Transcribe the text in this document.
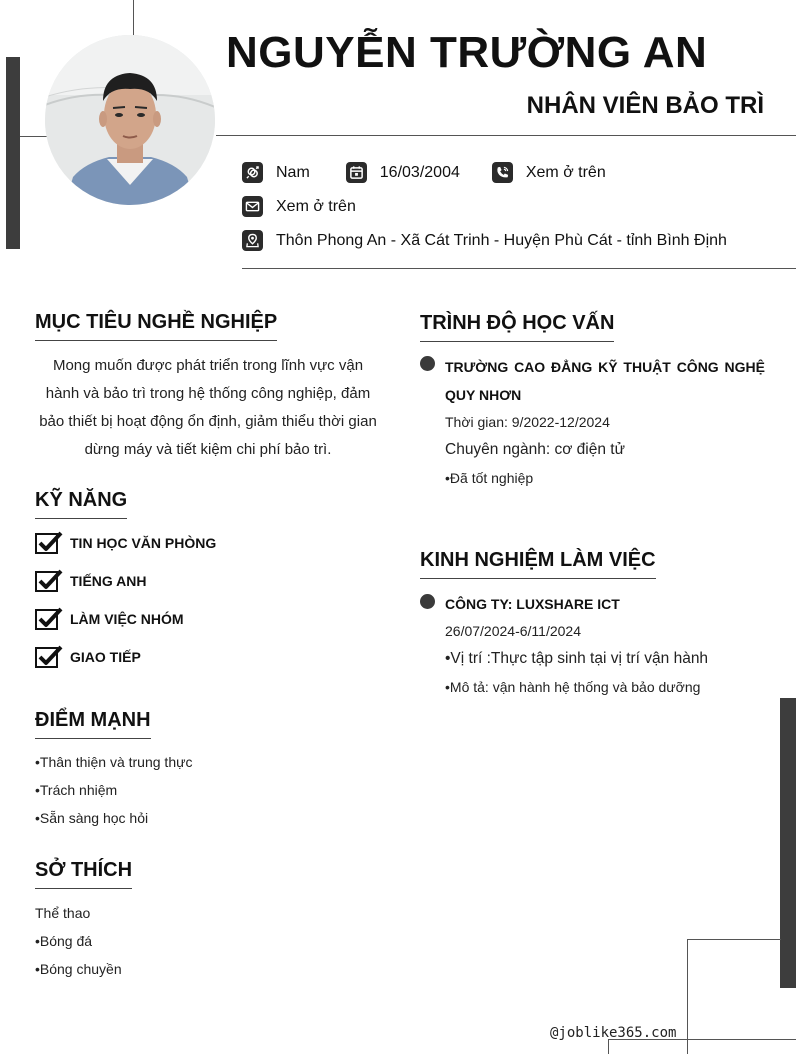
NGUYỄN TRƯỜNG AN
NHÂN VIÊN BẢO TRÌ
Nam	16/03/2004	Xem ở trên
Xem ở trên
Thôn Phong An - Xã Cát Trinh - Huyện Phù Cát - tỉnh Bình Định
MỤC TIÊU NGHỀ NGHIỆP
Mong muốn được phát triển trong lĩnh vực vận hành và bảo trì trong hệ thống công nghiệp, đảm bảo thiết bị hoạt động ổn định, giảm thiểu thời gian dừng máy và tiết kiệm chi phí bảo trì.
KỸ NĂNG
TIN HỌC VĂN PHÒNG
TIẾNG ANH
LÀM VIỆC NHÓM
GIAO TIẾP
ĐIỂM MẠNH
•Thân thiện và trung thực
•Trách nhiệm
•Sẵn sàng học hỏi
SỞ THÍCH
Thể thao
•Bóng đá
•Bóng chuyền
TRÌNH ĐỘ HỌC VẤN
TRƯỜNG CAO ĐẲNG KỸ THUẬT CÔNG NGHỆ QUY NHƠN
Thời gian: 9/2022-12/2024
Chuyên ngành: cơ điện tử
•Đã tốt nghiệp
KINH NGHIỆM LÀM VIỆC
CÔNG TY: LUXSHARE ICT
26/07/2024-6/11/2024
•Vị trí :Thực tập sinh tại vị trí vận hành
•Mô tả: vận hành hệ thống và bảo dưỡng
@joblike365.com
